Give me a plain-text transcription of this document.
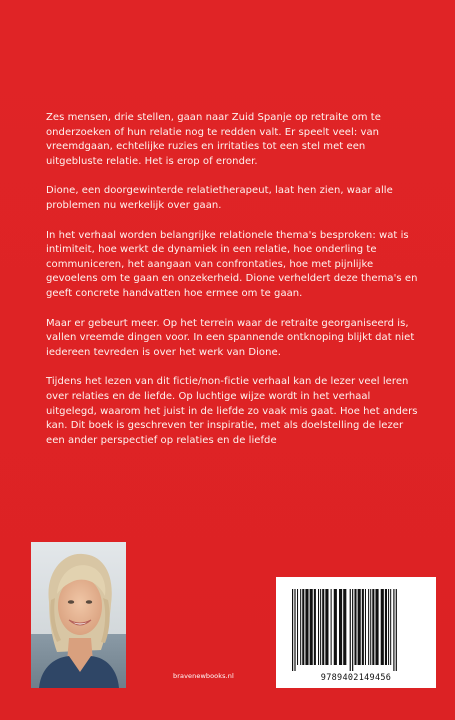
Zes mensen, drie stellen, gaan naar Zuid Spanje op retraite om te onderzoeken of hun relatie nog te redden valt. Er speelt veel: van vreemdgaan, echtelijke ruzies en irritaties tot een stel met een uitgebluste relatie. Het is erop of eronder.

Dione, een doorgewinterde relatietherapeut, laat hen zien, waar alle problemen nu werkelijk over gaan.

In het verhaal worden belangrijke relationele thema's besproken: wat is intimiteit, hoe werkt de dynamiek in een relatie, hoe onderling te communiceren, het aangaan van confrontaties, hoe met pijnlijke gevoelens om te gaan en onzekerheid. Dione verheldert deze thema's en geeft concrete handvatten hoe ermee om te gaan.

Maar er gebeurt meer. Op het terrein waar de retraite georganiseerd is, vallen vreemde dingen voor. In een spannende ontknoping blijkt dat niet iedereen tevreden is over het werk van Dione.

Tijdens het lezen van dit fictie/non-fictie verhaal kan de lezer veel leren over relaties en de liefde. Op luchtige wijze wordt in het verhaal uitgelegd, waarom het juist in de liefde zo vaak mis gaat. Hoe het anders kan. Dit boek is geschreven ter inspiratie, met als doelstelling de lezer een ander perspectief op relaties en de liefde

bravenewbooks.nl	9789402149456
